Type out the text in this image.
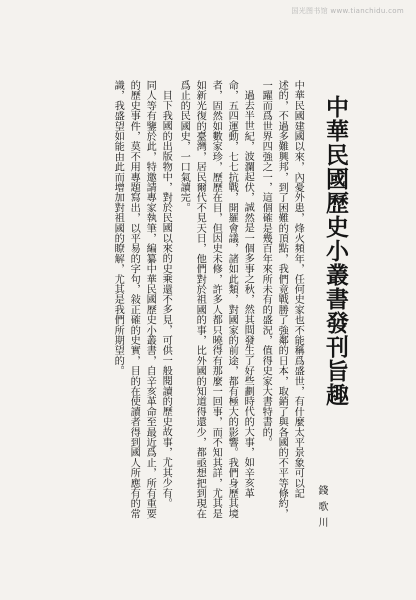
国光图书馆 www.tianchidu.com
中華民國歷史小叢書發刊旨趣
錢歌川
中華民國建國以來，內憂外患，烽火頻年，任何史家也不能稱爲盛世，有什麼太平景象可以記
述的，不過多難興邦，到了困難的頂點，我們竟戰勝了強鄰的日本，取銷了與各國的不平等條約，
一躍而爲世界四強之一，這個確是幾百年來所未有的盛況，值得史家大書特書的。
過去半世紀，波瀾起伏，誠然是一個多事之秋，然其間發生了好些劃時代的大事，如辛亥革
命，五四運動，七七抗戰，開羅會議，諸如此類，對國家的前途，都有極大的影響。我們身歷其境
者，固然如數家珍，歷歷在目，但因史未修，許多人都只曉得有那麼一回事，而不知其詳，尤其是
如新光復的臺灣，居民爾代不見天日，他們對於祖國的事，比外國的知道得還少，都亟想把到現在
爲止的民國史，一口氣讀完。
目下我國的出版物中，對於民國以來的史乘還不多見，可供一般閱讀的歷史故事，尤其少有。
同人等有鑒於此，特邀請專家執筆，編纂中華民國歷史小叢書，自辛亥革命至最近爲止，所有重要
的歷史事件，莫不用專題寫出，以平易的字句，敍正確的史實，目的在使讀者得到國人所應有的常
識，我盛望如能由此而增加對祖國的瞭解，尤其是我們所期望的。
